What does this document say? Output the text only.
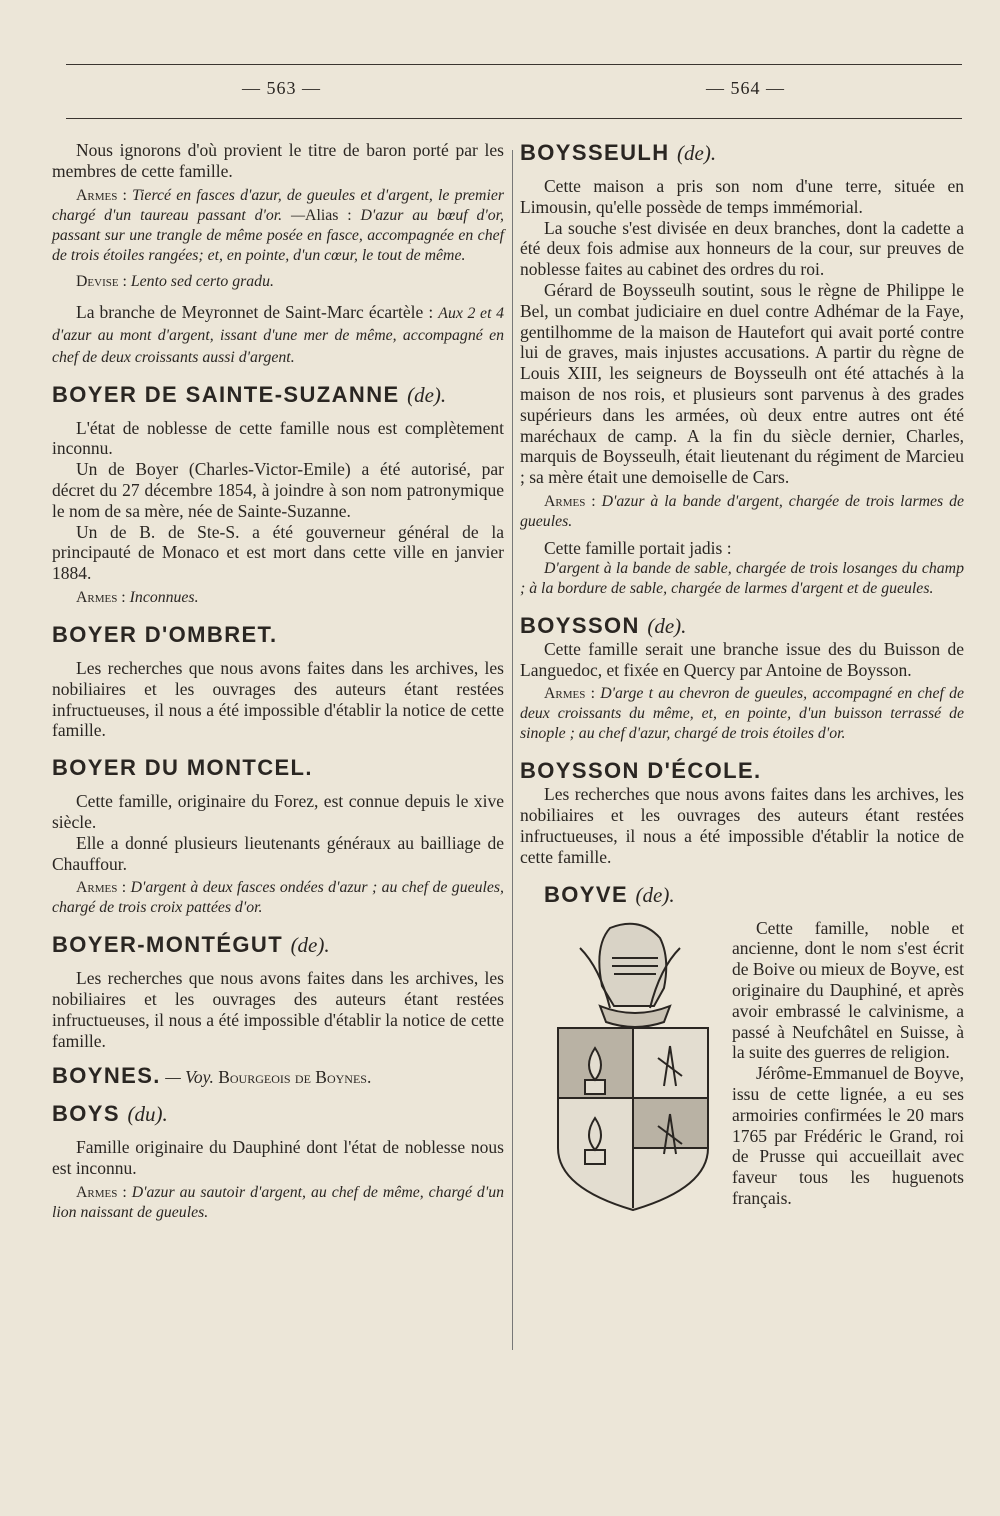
— 563 —	— 564 —

Nous ignorons d'où provient le titre de baron porté par les membres de cette famille.

Armes : Tiercé en fasces d'azur, de gueules et d'argent, le premier chargé d'un taureau passant d'or. —Alias : D'azur au bœuf d'or, passant sur une trangle de même posée en fasce, accompagnée en chef de trois étoiles rangées; et, en pointe, d'un cœur, le tout de même.

Devise : Lento sed certo gradu.

La branche de Meyronnet de Saint-Marc écartèle : Aux 2 et 4 d'azur au mont d'argent, issant d'une mer de même, accompagné en chef de deux croissants aussi d'argent.

BOYER DE SAINTE-SUZANNE (de).

L'état de noblesse de cette famille nous est complètement inconnu.

Un de Boyer (Charles-Victor-Emile) a été autorisé, par décret du 27 décembre 1854, à joindre à son nom patronymique le nom de sa mère, née de Sainte-Suzanne.

Un de B. de Ste-S. a été gouverneur général de la principauté de Monaco et est mort dans cette ville en janvier 1884.

Armes : Inconnues.

BOYER D'OMBRET.

Les recherches que nous avons faites dans les archives, les nobiliaires et les ouvrages des auteurs étant restées infructueuses, il nous a été impossible d'établir la notice de cette famille.

BOYER DU MONTCEL.

Cette famille, originaire du Forez, est connue depuis le xive siècle.

Elle a donné plusieurs lieutenants généraux au bailliage de Chauffour.

Armes : D'argent à deux fasces ondées d'azur ; au chef de gueules, chargé de trois croix pattées d'or.

BOYER-MONTÉGUT (de).

Les recherches que nous avons faites dans les archives, les nobiliaires et les ouvrages des auteurs étant restées infructueuses, il nous a été impossible d'établir la notice de cette famille.

BOYNES. — Voy. Bourgeois de Boynes.

BOYS (du).

Famille originaire du Dauphiné dont l'état de noblesse nous est inconnu.

Armes : D'azur au sautoir d'argent, au chef de même, chargé d'un lion naissant de gueules.

BOYSSEULH (de).

Cette maison a pris son nom d'une terre, située en Limousin, qu'elle possède de temps immémorial.

La souche s'est divisée en deux branches, dont la cadette a été deux fois admise aux honneurs de la cour, sur preuves de noblesse faites au cabinet des ordres du roi.

Gérard de Boysseulh soutint, sous le règne de Philippe le Bel, un combat judiciaire en duel contre Adhémar de la Faye, gentilhomme de la maison de Hautefort qui avait porté contre lui de graves, mais injustes accusations. A partir du règne de Louis XIII, les seigneurs de Boysseulh ont été attachés à la maison de nos rois, et plusieurs sont parvenus à des grades supérieurs dans les armées, où deux entre autres ont été maréchaux de camp. A la fin du siècle dernier, Charles, marquis de Boysseulh, était lieutenant du régiment de Marcieu ; sa mère était une demoiselle de Cars.

Armes : D'azur à la bande d'argent, chargée de trois larmes de gueules.

Cette famille portait jadis :

D'argent à la bande de sable, chargée de trois losanges du champ ; à la bordure de sable, chargée de larmes d'argent et de gueules.

BOYSSON (de).

Cette famille serait une branche issue des du Buisson de Languedoc, et fixée en Quercy par Antoine de Boysson.

Armes : D'arge t au chevron de gueules, accompagné en chef de deux croissants du même, et, en pointe, d'un buisson terrassé de sinople ; au chef d'azur, chargé de trois étoiles d'or.

BOYSSON D'ÉCOLE.

Les recherches que nous avons faites dans les archives, les nobiliaires et les ouvrages des auteurs étant restées infructueuses, il nous a été impossible d'établir la notice de cette famille.

BOYVE (de).

Cette famille, noble et ancienne, dont le nom s'est écrit de Boive ou mieux de Boyve, est originaire du Dauphiné, et après avoir embrassé le calvinisme, a passé à Neufchâtel en Suisse, à la suite des guerres de religion.

Jérôme-Emmanuel de Boyve, issu de cette lignée, a eu ses armoiries confirmées le 20 mars 1765 par Frédéric le Grand, roi de Prusse qui accueillait avec faveur tous les huguenots français.
